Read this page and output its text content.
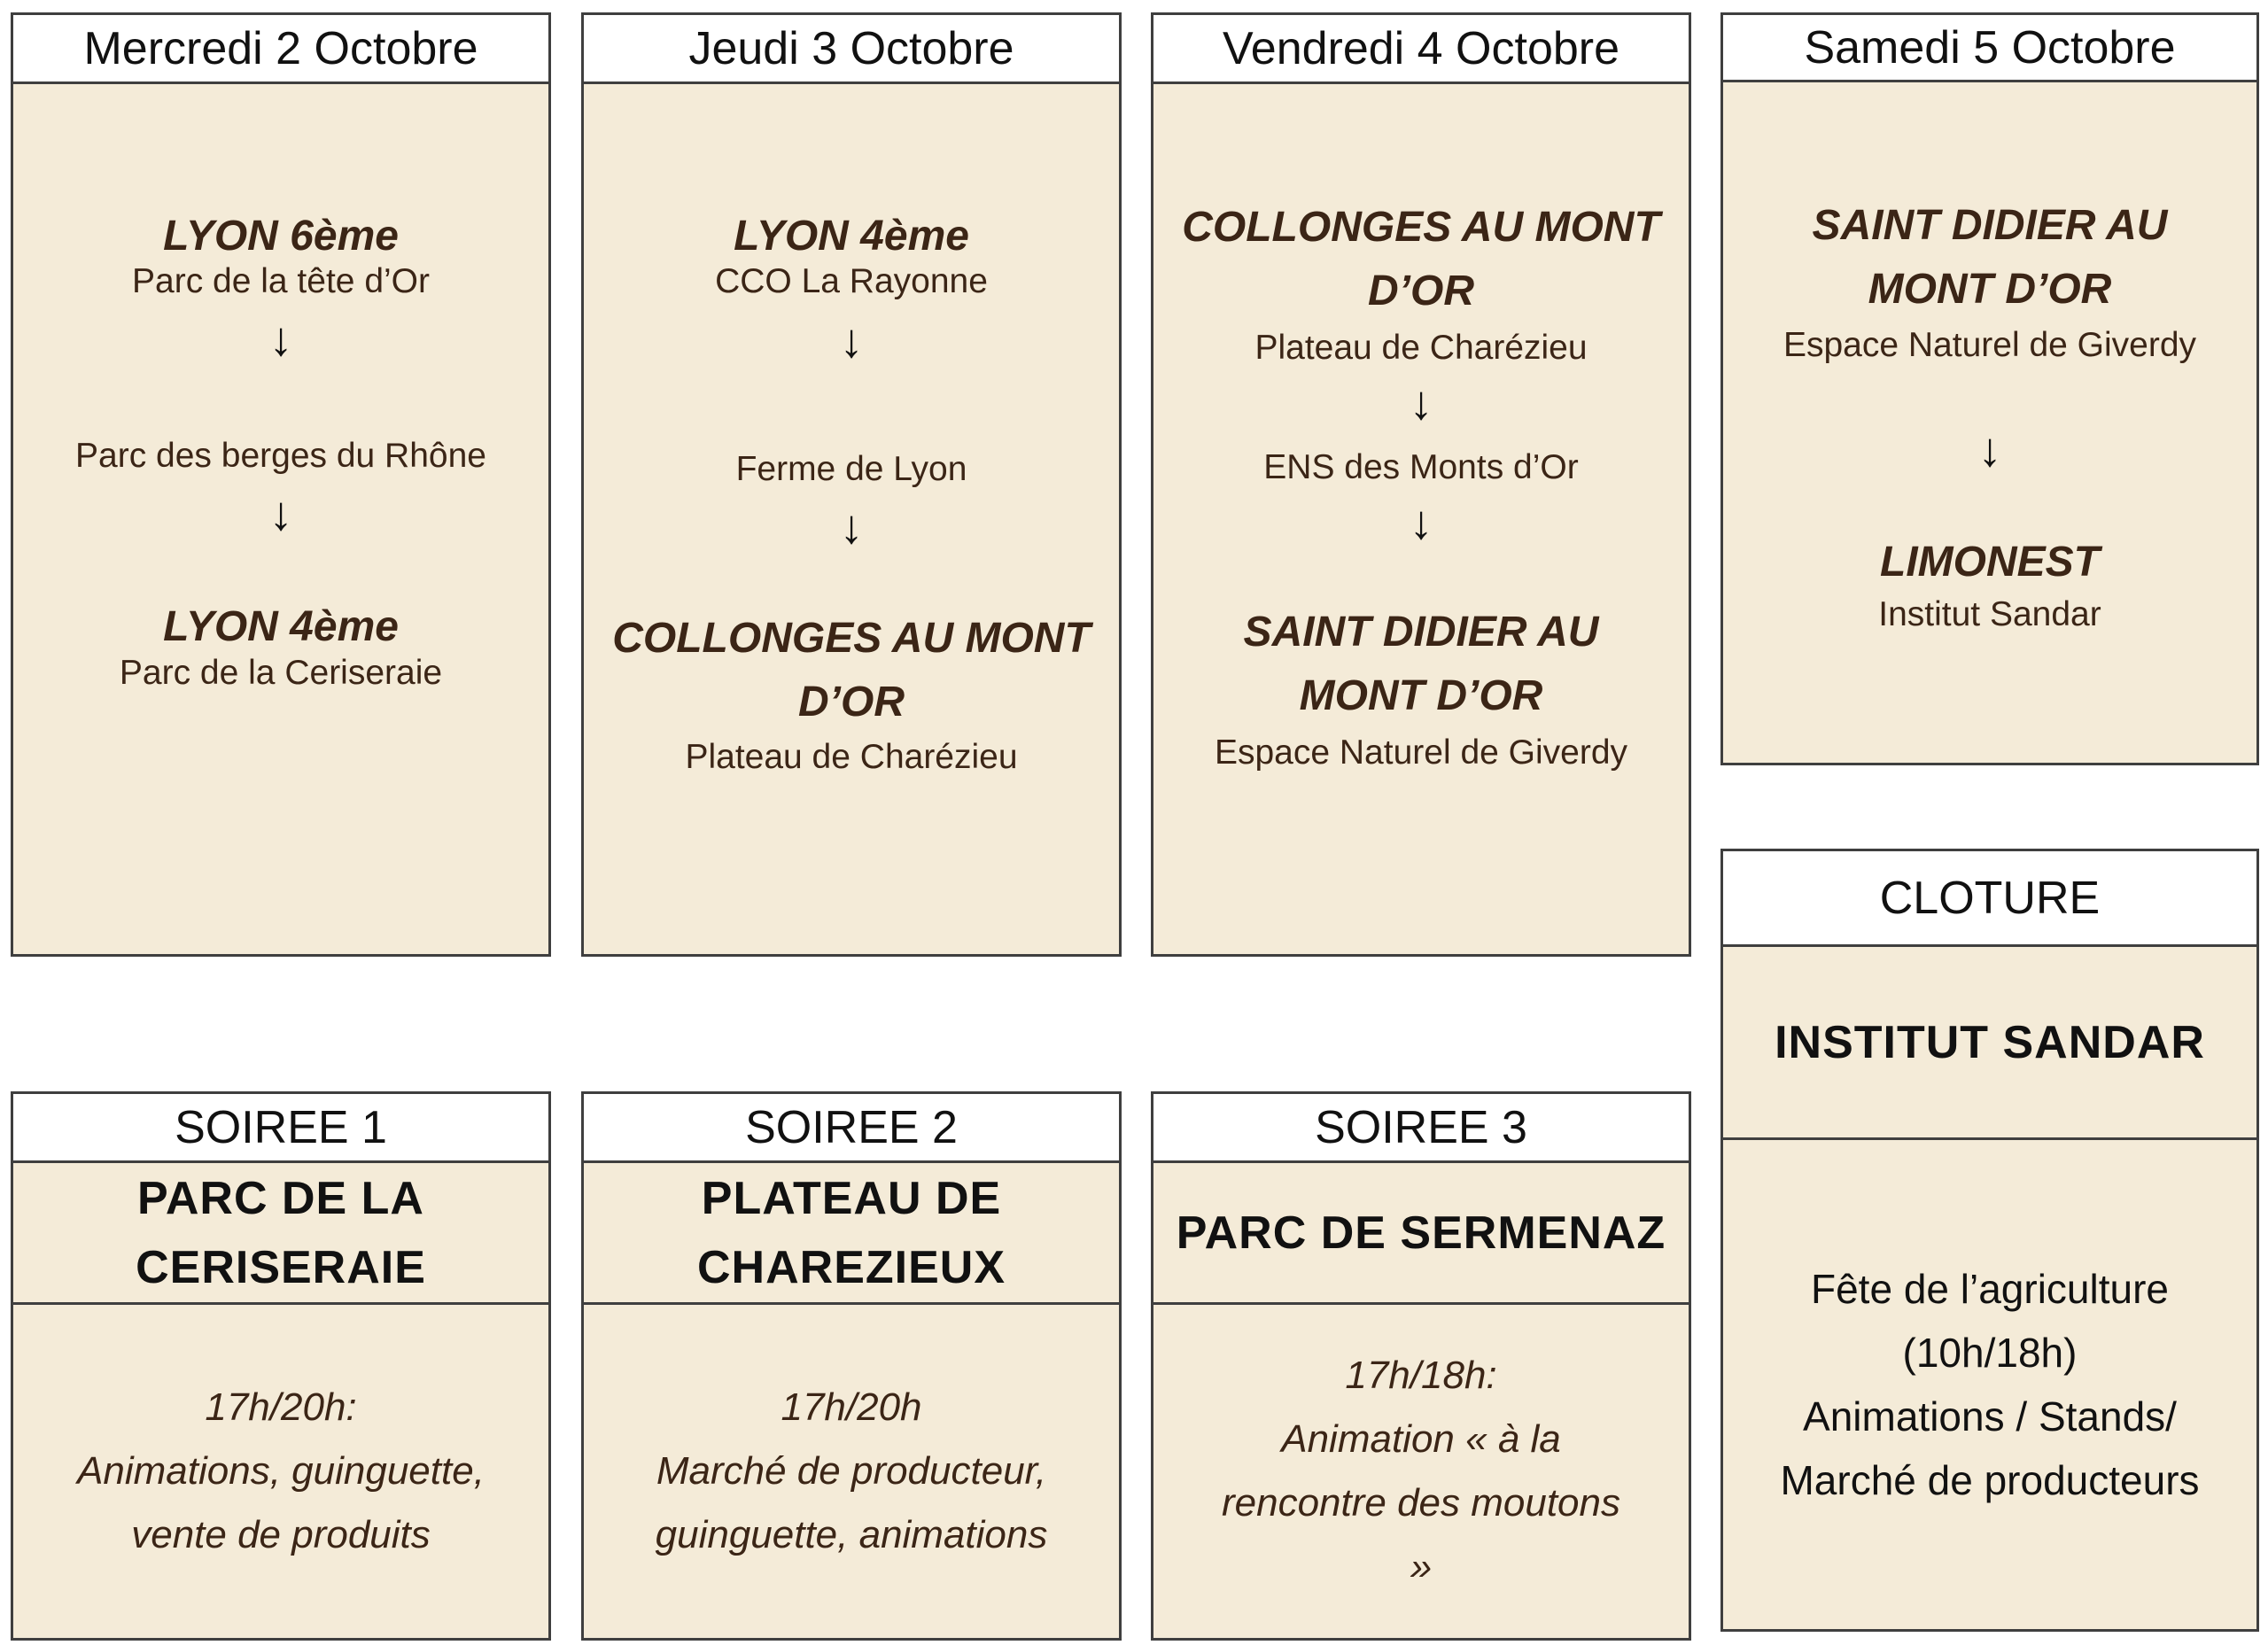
Mercredi 2 Octobre
LYON 6ème
Parc de la tête d’Or
↓
Parc des berges du Rhône
↓
LYON 4ème
Parc de la Ceriseraie
Jeudi 3 Octobre
LYON 4ème
CCO La Rayonne
↓
Ferme de Lyon
↓
COLLONGES AU MONT D’OR
Plateau de Charézieu
Vendredi 4 Octobre
COLLONGES AU MONT D’OR
Plateau de Charézieu
↓
ENS des Monts d’Or
↓
SAINT DIDIER AU MONT D’OR
Espace Naturel de Giverdy
Samedi 5 Octobre
SAINT DIDIER AU MONT D’OR
Espace Naturel de Giverdy
↓
LIMONEST
Institut Sandar
CLOTURE
INSTITUT SANDAR
Fête de l’agriculture
(10h/18h)
Animations / Stands/
Marché de producteurs
SOIREE 1
PARC DE LA CERISERAIE
17h/20h:
Animations, guinguette, vente de produits
SOIREE 2
PLATEAU DE CHAREZIEUX
17h/20h
Marché de producteur, guinguette, animations
SOIREE 3
PARC DE SERMENAZ
17h/18h:
Animation « à la rencontre des moutons »
